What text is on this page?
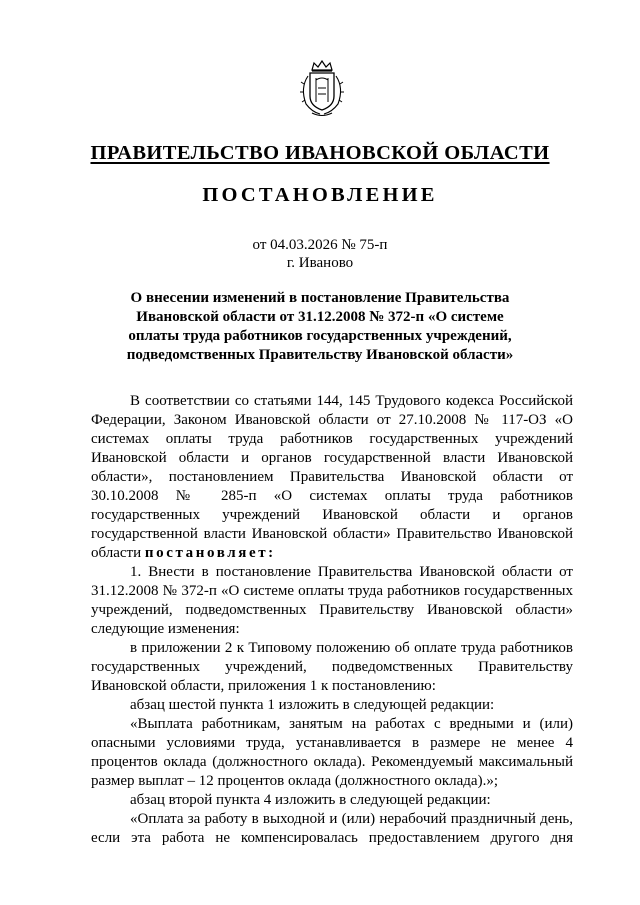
ПРАВИТЕЛЬСТВО ИВАНОВСКОЙ ОБЛАСТИ
ПОСТАНОВЛЕНИЕ

от 04.03.2026 № 75-п

г. Иваново

О внесении изменений в постановление Правительства Ивановской области от 31.12.2008 № 372-п «О системе оплаты труда работников государственных учреждений, подведомственных Правительству Ивановской области»

В соответствии со статьями 144, 145 Трудового кодекса Российской Федерации, Законом Ивановской области от 27.10.2008 № 117-ОЗ «О системах оплаты труда работников государственных учреждений Ивановской области и органов государственной власти Ивановской области», постановлением Правительства Ивановской области от 30.10.2008 № 285-п «О системах оплаты труда работников государственных учреждений Ивановской области и органов государственной власти Ивановской области» Правительство Ивановской области постановляет:

1. Внести в постановление Правительства Ивановской области от 31.12.2008 № 372-п «О системе оплаты труда работников государственных учреждений, подведомственных Правительству Ивановской области» следующие изменения:

в приложении 2 к Типовому положению об оплате труда работников государственных учреждений, подведомственных Правительству Ивановской области, приложения 1 к постановлению:

абзац шестой пункта 1 изложить в следующей редакции:

«Выплата работникам, занятым на работах с вредными и (или) опасными условиями труда, устанавливается в размере не менее 4 процентов оклада (должностного оклада). Рекомендуемый максимальный размер выплат – 12 процентов оклада (должностного оклада).»;

абзац второй пункта 4 изложить в следующей редакции:

«Оплата за работу в выходной и (или) нерабочий праздничный день, если эта работа не компенсировалась предоставлением другого дня
